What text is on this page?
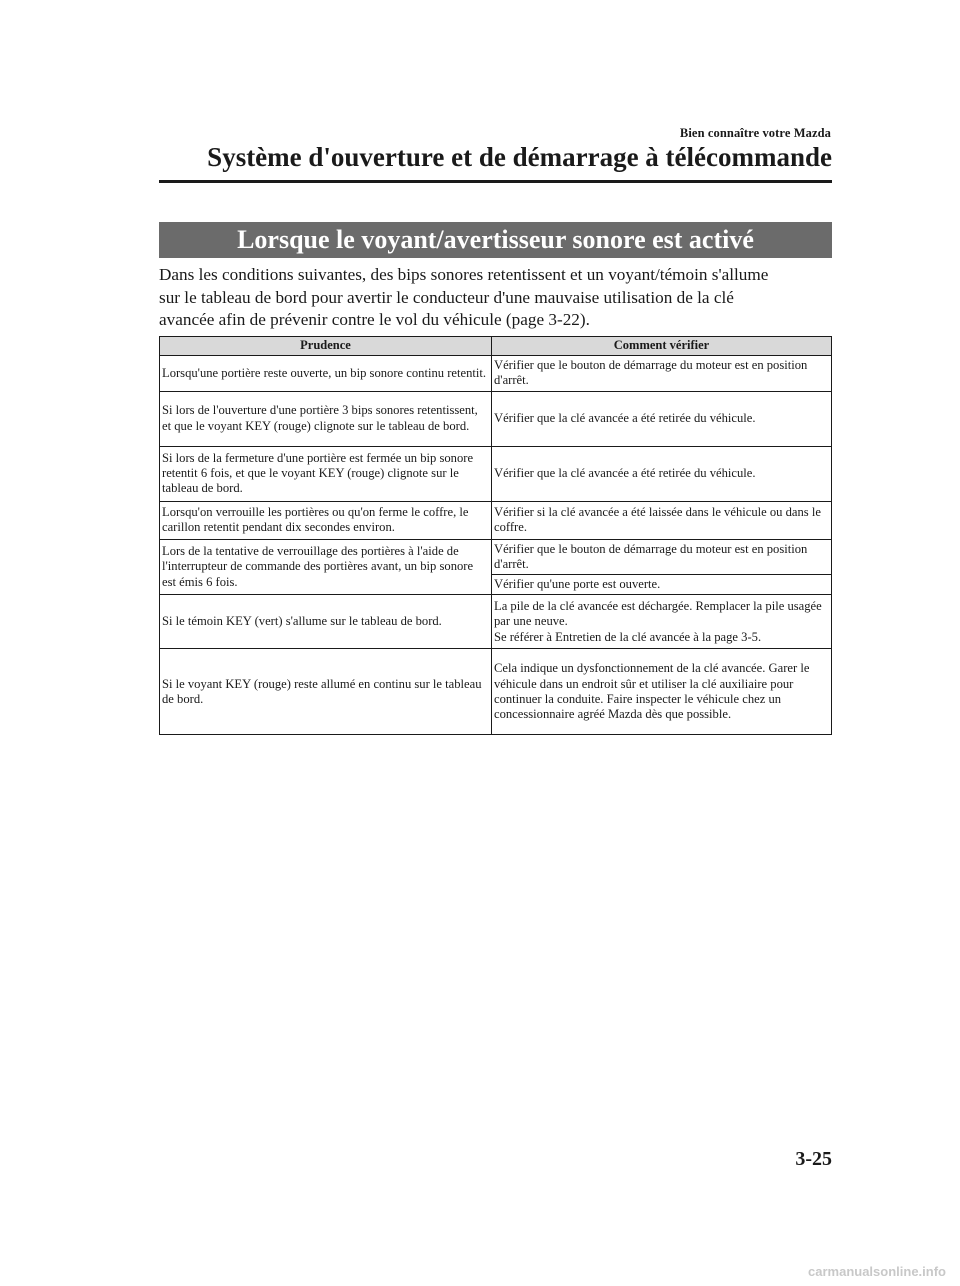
Bien connaître votre Mazda
Système d'ouverture et de démarrage à télécommande
Lorsque le voyant/avertisseur sonore est activé
Dans les conditions suivantes, des bips sonores retentissent et un voyant/témoin s'allume
sur le tableau de bord pour avertir le conducteur d'une mauvaise utilisation de la clé
avancée afin de prévenir contre le vol du véhicule (page 3-22).
Prudence	Comment vérifier
Lorsqu'une portière reste ouverte, un bip sonore continu retentit.	Vérifier que le bouton de démarrage du moteur est en position d'arrêt.
Si lors de l'ouverture d'une portière 3 bips sonores retentissent, et que le voyant KEY (rouge) clignote sur le tableau de bord.	Vérifier que la clé avancée a été retirée du véhicule.
Si lors de la fermeture d'une portière est fermée un bip sonore retentit 6 fois, et que le voyant KEY (rouge) clignote sur le tableau de bord.	Vérifier que la clé avancée a été retirée du véhicule.
Lorsqu'on verrouille les portières ou qu'on ferme le coffre, le carillon retentit pendant dix secondes environ.	Vérifier si la clé avancée a été laissée dans le véhicule ou dans le coffre.
Lors de la tentative de verrouillage des portières à l'aide de l'interrupteur de commande des portières avant, un bip sonore est émis 6 fois.	Vérifier que le bouton de démarrage du moteur est en position d'arrêt.
	Vérifier qu'une porte est ouverte.
Si le témoin KEY (vert) s'allume sur le tableau de bord.	La pile de la clé avancée est déchargée. Remplacer la pile usagée par une neuve.
Se référer à Entretien de la clé avancée à la page 3-5.
Si le voyant KEY (rouge) reste allumé en continu sur le tableau de bord.	Cela indique un dysfonctionnement de la clé avancée. Garer le véhicule dans un endroit sûr et utiliser la clé auxiliaire pour continuer la conduite. Faire inspecter le véhicule chez un concessionnaire agréé Mazda dès que possible.
3-25
carmanualsonline.info
